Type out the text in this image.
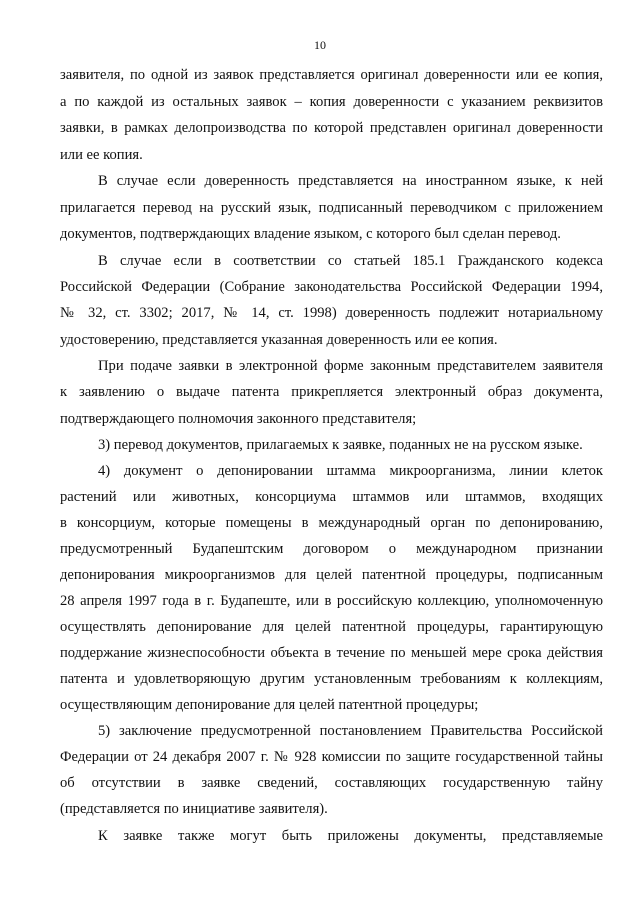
10
заявителя, по одной из заявок представляется оригинал доверенности или ее копия,
а по каждой из остальных заявок – копия доверенности с указанием реквизитов
заявки, в рамках делопроизводства по которой представлен оригинал доверенности
или ее копия.
В случае если доверенность представляется на иностранном языке, к ней
прилагается перевод на русский язык, подписанный переводчиком с приложением
документов, подтверждающих владение языком, с которого был сделан перевод.
В случае если в соответствии со статьей 185.1 Гражданского кодекса
Российской Федерации (Собрание законодательства Российской Федерации 1994,
№ 32, ст. 3302; 2017, № 14, ст. 1998) доверенность подлежит нотариальному
удостоверению, представляется указанная доверенность или ее копия.
При подаче заявки в электронной форме законным представителем заявителя
к заявлению о выдаче патента прикрепляется электронный образ документа,
подтверждающего полномочия законного представителя;
3) перевод документов, прилагаемых к заявке, поданных не на русском языке.
4) документ о депонировании штамма микроорганизма, линии клеток
растений или животных, консорциума штаммов или штаммов, входящих
в консорциум, которые помещены в международный орган по депонированию,
предусмотренный Будапештским договором о международном признании
депонирования микроорганизмов для целей патентной процедуры, подписанным
28 апреля 1997 года в г. Будапеште, или в российскую коллекцию, уполномоченную
осуществлять депонирование для целей патентной процедуры, гарантирующую
поддержание жизнеспособности объекта в течение по меньшей мере срока действия
патента и удовлетворяющую другим установленным требованиям к коллекциям,
осуществляющим депонирование для целей патентной процедуры;
5) заключение предусмотренной постановлением Правительства Российской
Федерации от 24 декабря 2007 г. № 928 комиссии по защите государственной тайны
об отсутствии в заявке сведений, составляющих государственную тайну
(представляется по инициативе заявителя).
К заявке также могут быть приложены документы, представляемые
